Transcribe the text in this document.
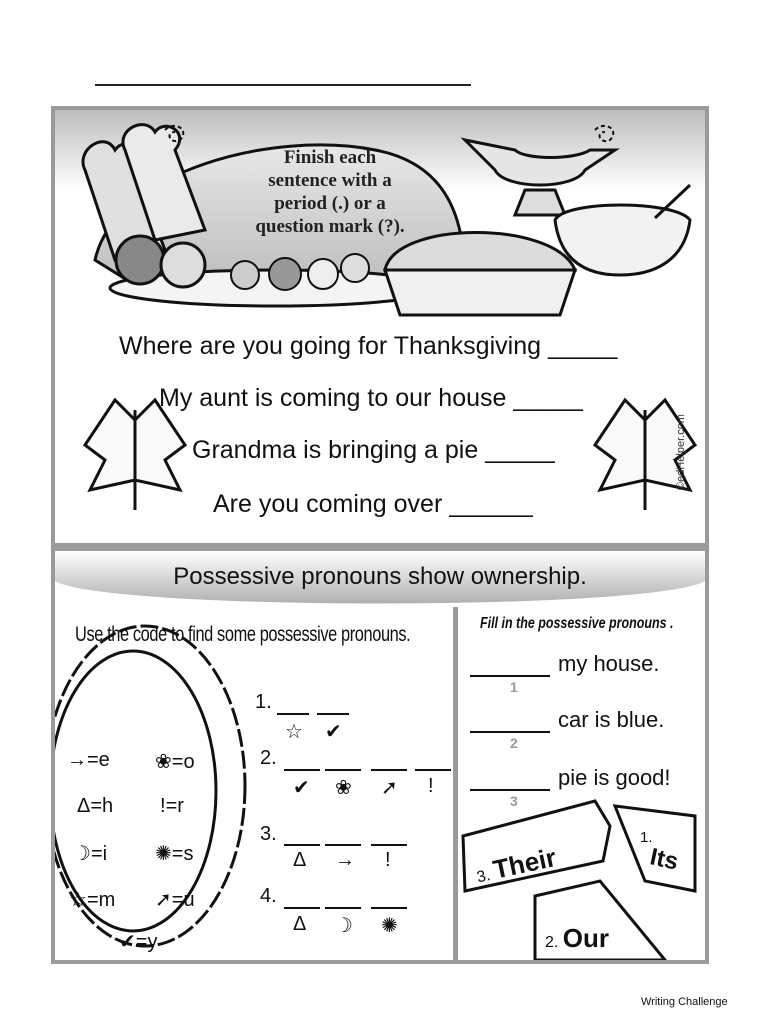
Finish each
sentence with a
period (.) or a
question mark (?).
Where are you going for Thanksgiving _____
My aunt is coming to our house _____
Grandma is bringing a pie _____
Are you coming over ______
©edHelper.com
Possessive pronouns show ownership.
Use the code to find some possessive pronouns.	Fill in the possessive pronouns .
→=e ❀=o
Δ=h !=r
☽=i ✺=s
☆=m ➚=u
✔=y
1.
☆ ✔
2.
✔ ❀ ➚ !
3.
Δ → !
4.
Δ ☽ ✺
my house.
1
car is blue.
2
pie is good!
3
3. Their
1.
Its
2. Our
Writing Challenge
